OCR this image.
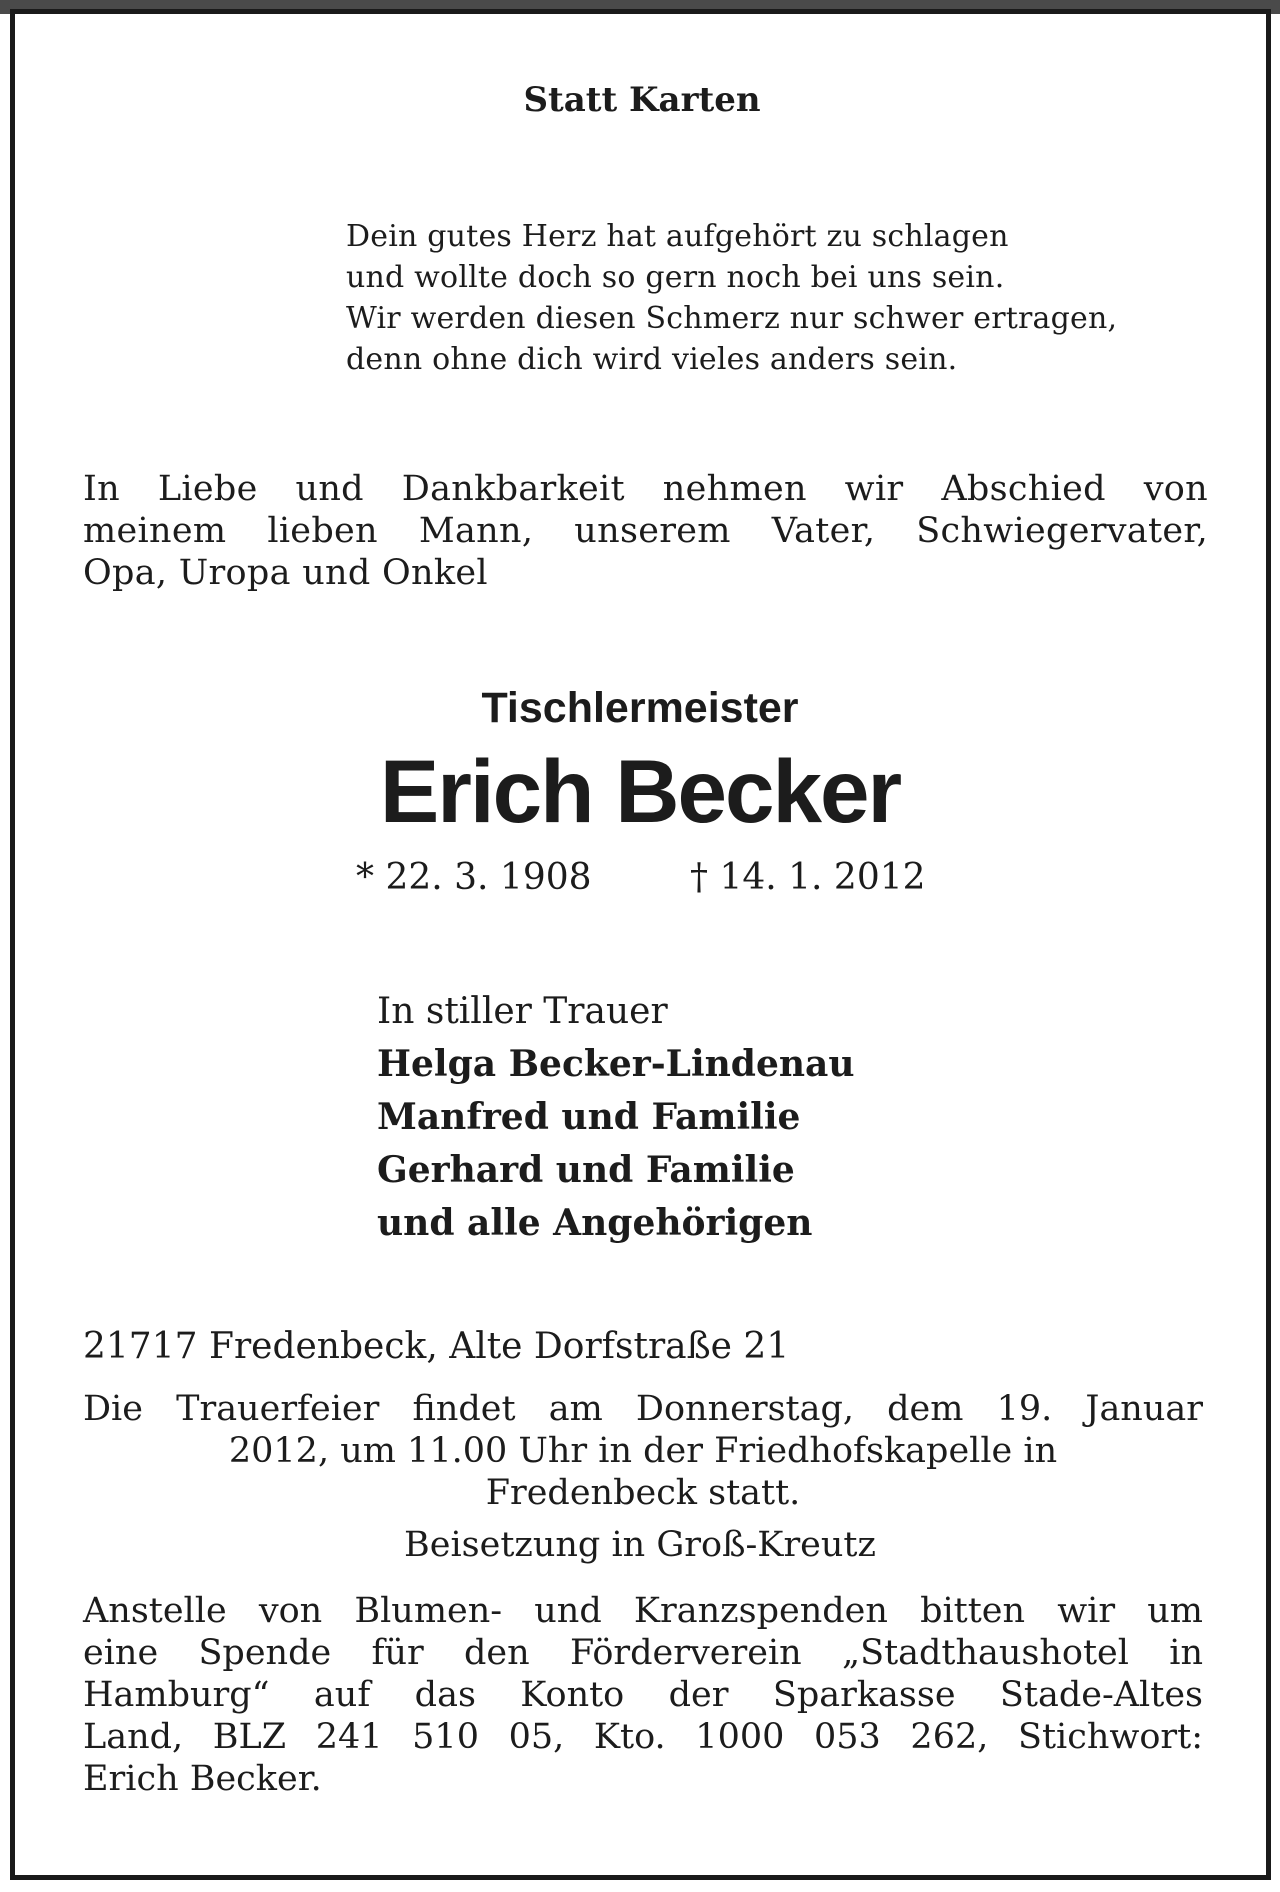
Statt Karten
Dein gutes Herz hat aufgehört zu schlagen
und wollte doch so gern noch bei uns sein.
Wir werden diesen Schmerz nur schwer ertragen,
denn ohne dich wird vieles anders sein.
In Liebe und Dankbarkeit nehmen wir Abschied von
meinem lieben Mann, unserem Vater, Schwiegervater,
Opa, Uropa und Onkel
Tischlermeister
Erich Becker
* 22. 3. 1908	† 14. 1. 2012
In stiller Trauer
Helga Becker-Lindenau
Manfred und Familie
Gerhard und Familie
und alle Angehörigen
21717 Fredenbeck, Alte Dorfstraße 21
Die Trauerfeier findet am Donnerstag, dem 19. Januar
2012, um 11.00 Uhr in der Friedhofskapelle in
Fredenbeck statt.
Beisetzung in Groß-Kreutz
Anstelle von Blumen- und Kranzspenden bitten wir um
eine Spende für den Förderverein „Stadthaushotel in
Hamburg“ auf das Konto der Sparkasse Stade-Altes
Land, BLZ 241 510 05, Kto. 1000 053 262, Stichwort:
Erich Becker.
